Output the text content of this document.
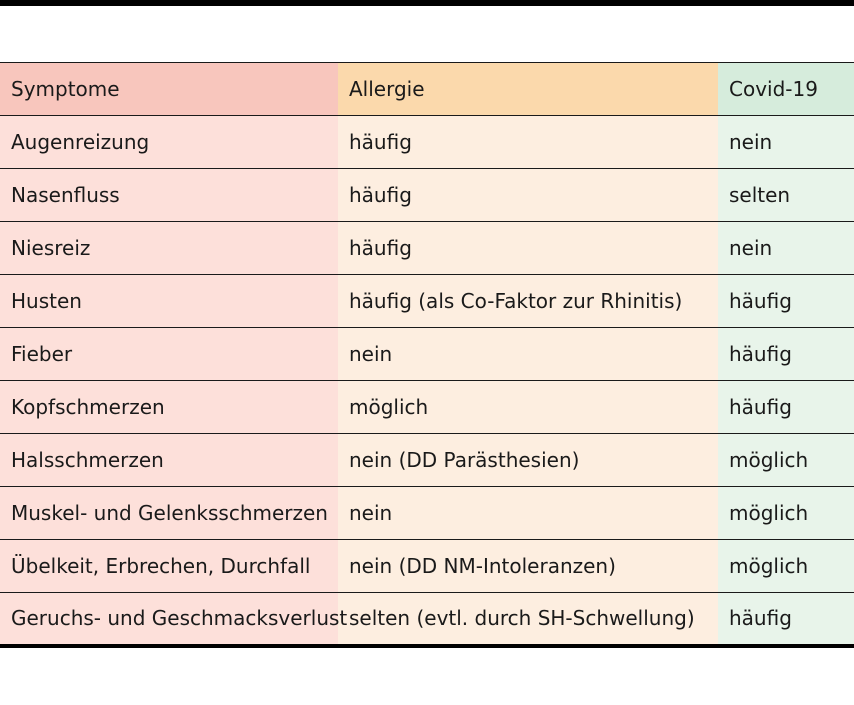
Symptome	Allergie	Covid-19
Augenreizung	häufig	nein
Nasenfluss	häufig	selten
Niesreiz	häufig	nein
Husten	häufig (als Co-Faktor zur Rhinitis)	häufig
Fieber	nein	häufig
Kopfschmerzen	möglich	häufig
Halsschmerzen	nein (DD Parästhesien)	möglich
Muskel- und Gelenksschmerzen	nein	möglich
Übelkeit, Erbrechen, Durchfall	nein (DD NM-Intoleranzen)	möglich
Geruchs- und Geschmacksverlust	selten (evtl. durch SH-Schwellung)	häufig
